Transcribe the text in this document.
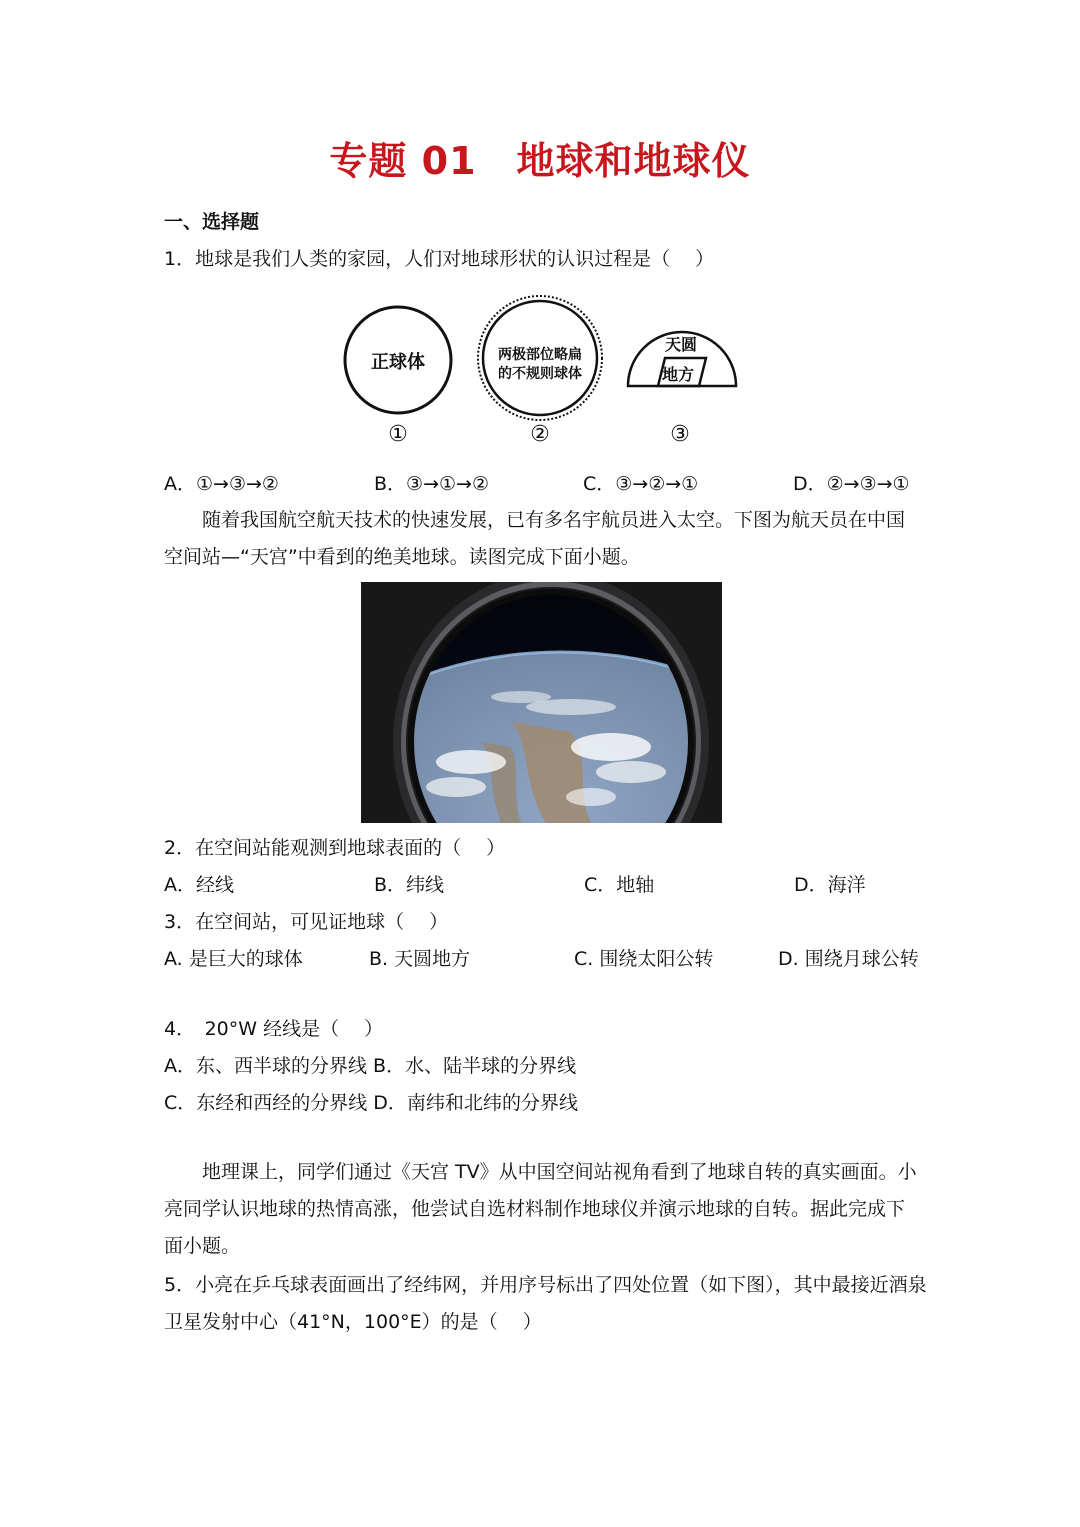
专题 01 地球和地球仪
一、选择题
1．地球是我们人类的家园，人们对地球形状的认识过程是（　 ）
正球体	两极部位略扁
的不规则球体
天圆
地方
①	②	③
A．①→③→②	B．③→①→②	C．③→②→①	D．②→③→①
随着我国航空航天技术的快速发展，已有多名宇航员进入太空。下图为航天员在中国空间站—“天宫”中看到的绝美地球。读图完成下面小题。
2．在空间站能观测到地球表面的（　 ）
A．经线	B．纬线	C．地轴	D．海洋
3．在空间站，可见证地球（　 ）
A. 是巨大的球体	B. 天圆地方	C. 围绕太阳公转	D. 围绕月球公转
4．　20°W 经线是（　 ）
A．东、西半球的分界线 B．水、陆半球的分界线
C．东经和西经的分界线 D．南纬和北纬的分界线
地理课上，同学们通过《天宫 TV》从中国空间站视角看到了地球自转的真实画面。小亮同学认识地球的热情高涨，他尝试自选材料制作地球仪并演示地球的自转。据此完成下面小题。
5．小亮在乒乓球表面画出了经纬网，并用序号标出了四处位置（如下图），其中最接近酒泉
卫星发射中心（41°N，100°E）的是（　 ）
